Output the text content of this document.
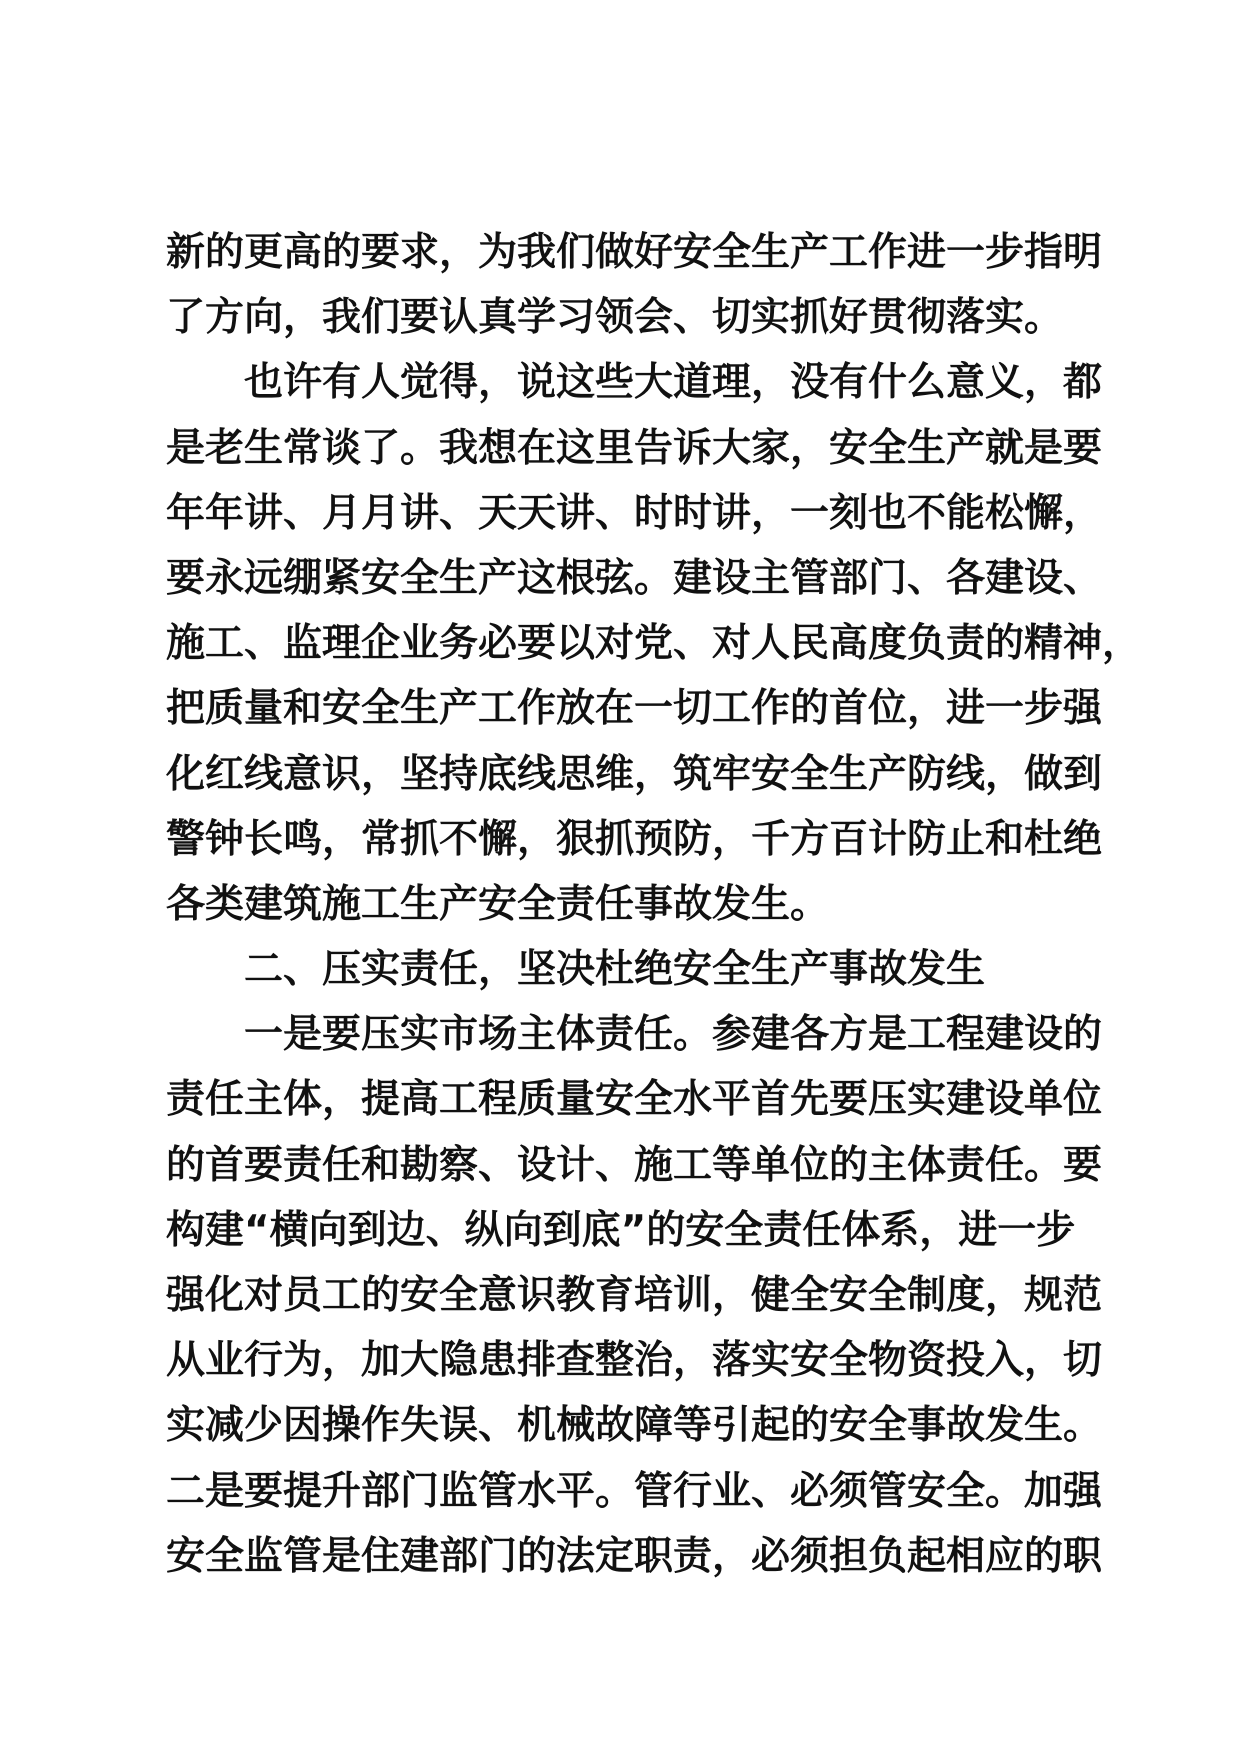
新的更高的要求，为我们做好安全生产工作进一步指明
了方向，我们要认真学习领会、切实抓好贯彻落实。
也许有人觉得，说这些大道理，没有什么意义，都
是老生常谈了。我想在这里告诉大家，安全生产就是要
年年讲、月月讲、天天讲、时时讲，一刻也不能松懈，
要永远绷紧安全生产这根弦。建设主管部门、各建设、
施工、监理企业务必要以对党、对人民高度负责的精神，
把质量和安全生产工作放在一切工作的首位，进一步强
化红线意识，坚持底线思维，筑牢安全生产防线，做到
警钟长鸣，常抓不懈，狠抓预防，千方百计防止和杜绝
各类建筑施工生产安全责任事故发生。
二、压实责任，坚决杜绝安全生产事故发生
一是要压实市场主体责任。参建各方是工程建设的
责任主体，提高工程质量安全水平首先要压实建设单位
的首要责任和勘察、设计、施工等单位的主体责任。要
构建“横向到边、纵向到底”的安全责任体系，进一步
强化对员工的安全意识教育培训，健全安全制度，规范
从业行为，加大隐患排查整治，落实安全物资投入，切
实减少因操作失误、机械故障等引起的安全事故发生。
二是要提升部门监管水平。管行业、必须管安全。加强
安全监管是住建部门的法定职责，必须担负起相应的职
